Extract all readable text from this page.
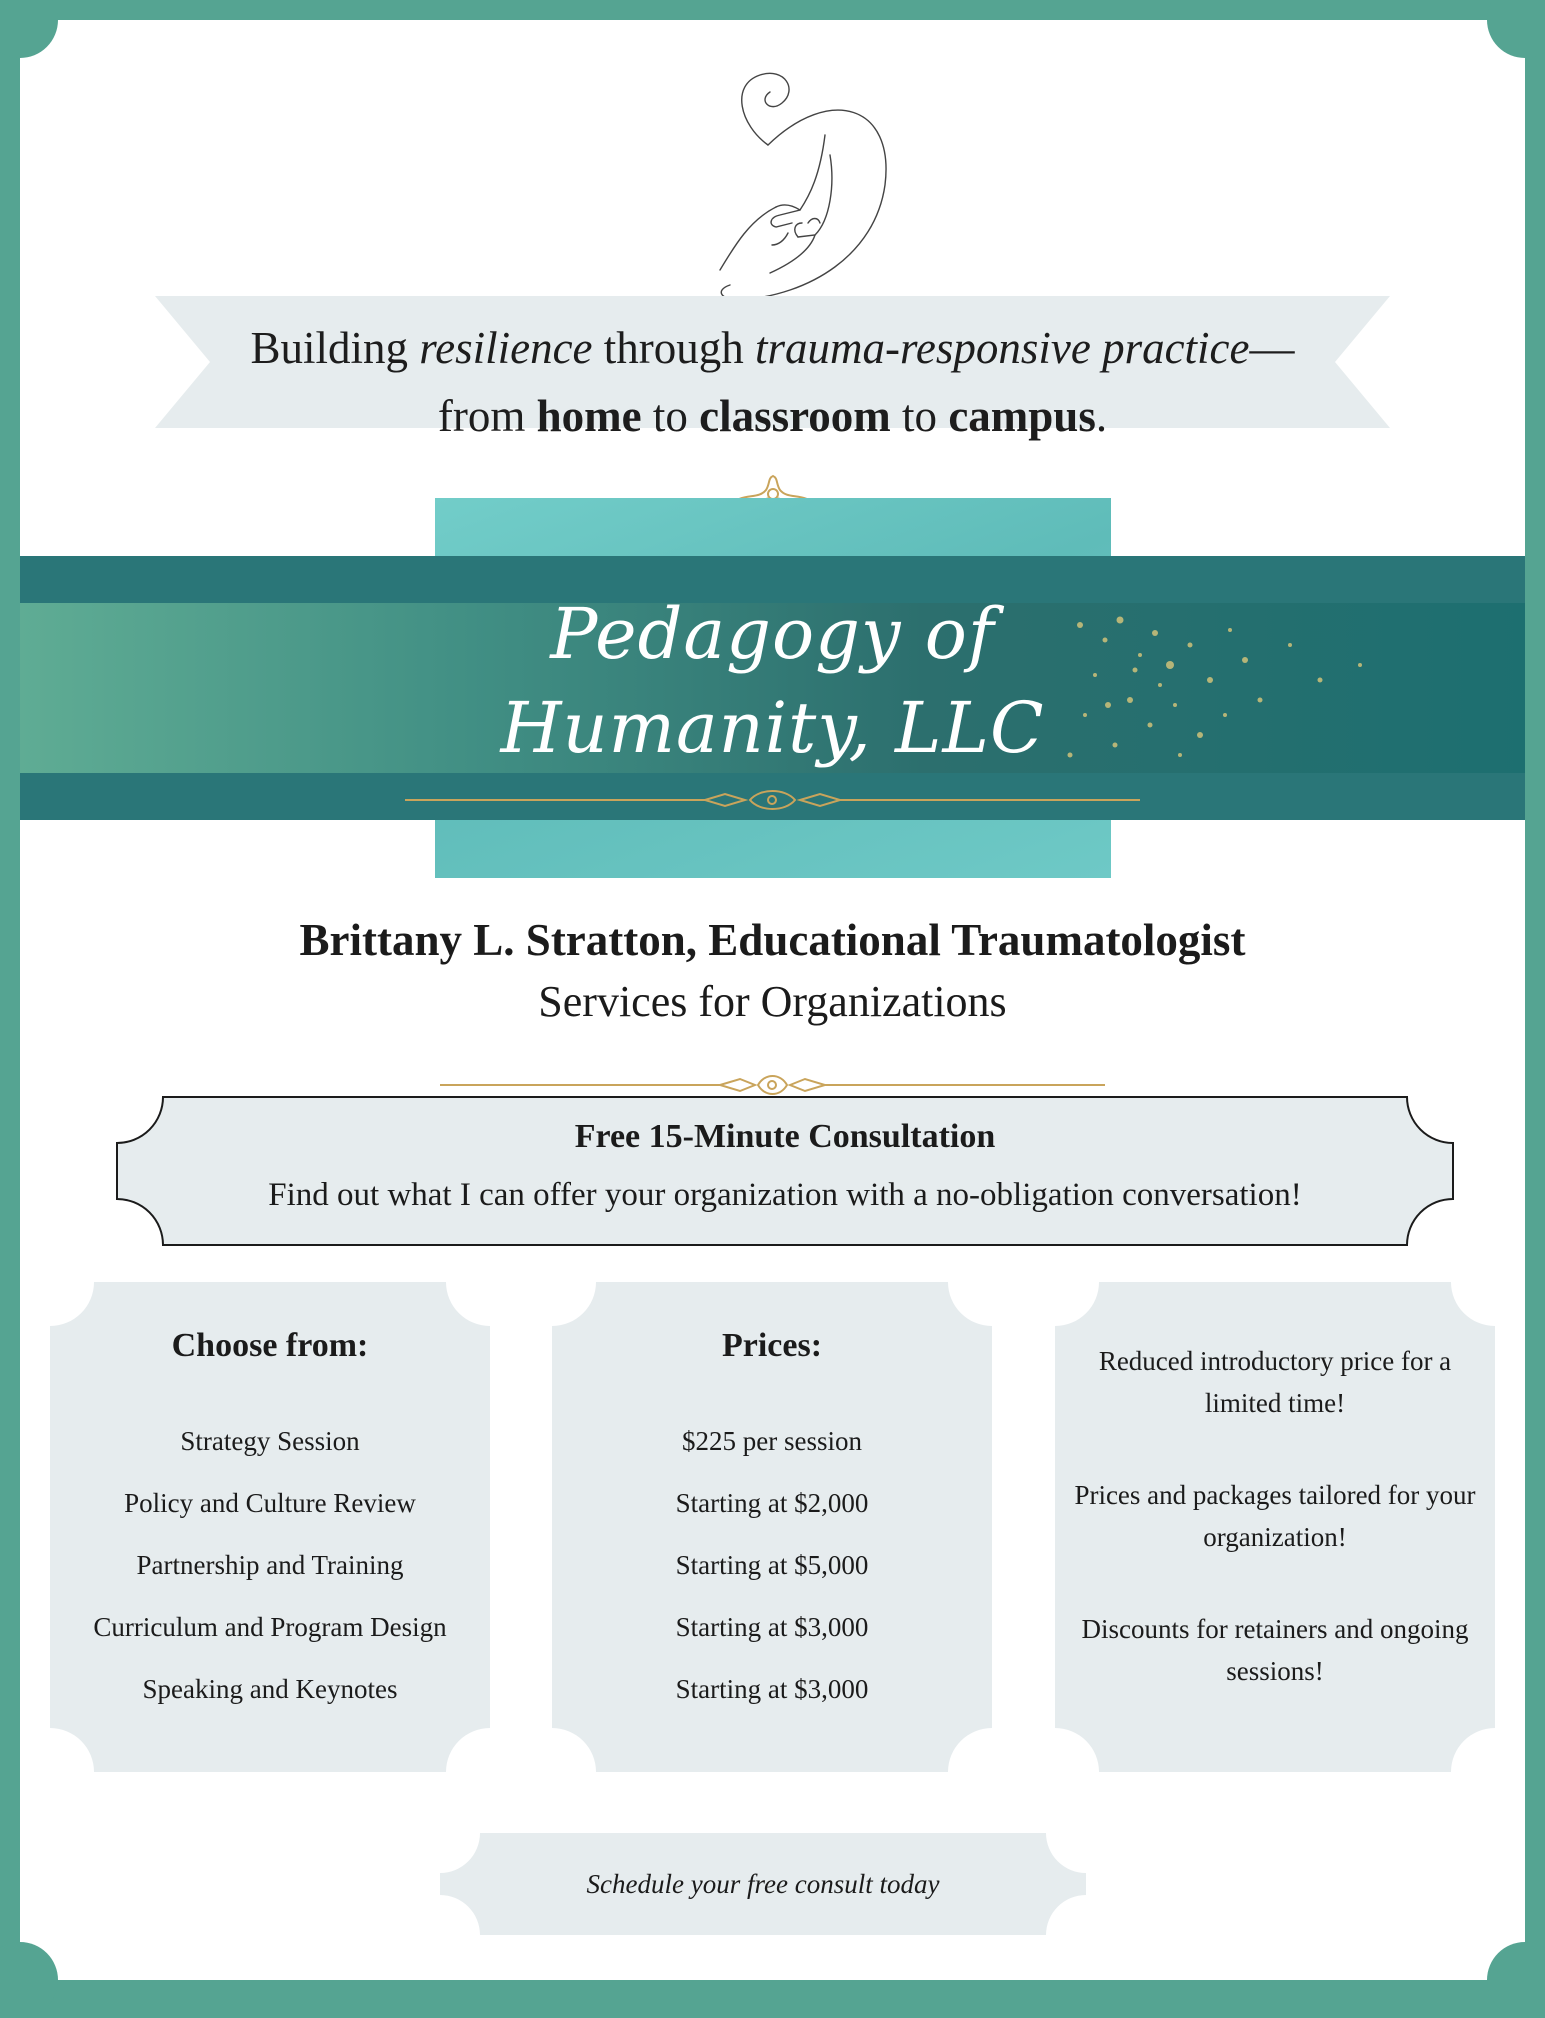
Building resilience through trauma-responsive practice—
from home to classroom to campus.
Pedagogy of
Humanity, LLC
Brittany L. Stratton, Educational Traumatologist
Services for Organizations
Free 15-Minute Consultation
Find out what I can offer your organization with a no-obligation conversation!
Choose from:
Strategy Session
Policy and Culture Review
Partnership and Training
Curriculum and Program Design
Speaking and Keynotes
Prices:
$225 per session
Starting at $2,000
Starting at $5,000
Starting at $3,000
Starting at $3,000
Reduced introductory price for a limited time!
Prices and packages tailored for your organization!
Discounts for retainers and ongoing sessions!
Schedule your free consult today
